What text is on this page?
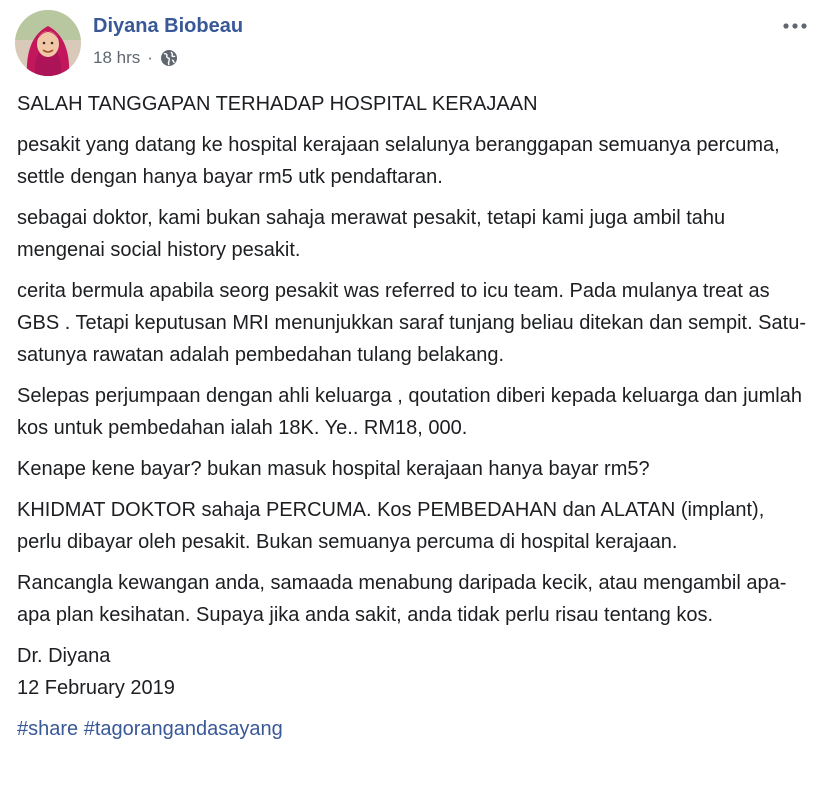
Diyana Biobeau
18 hrs ·

SALAH TANGGAPAN TERHADAP HOSPITAL KERAJAAN

pesakit yang datang ke hospital kerajaan selalunya beranggapan semuanya percuma, settle dengan hanya bayar rm5 utk pendaftaran.

sebagai doktor, kami bukan sahaja merawat pesakit, tetapi kami juga ambil tahu mengenai social history pesakit.

cerita bermula apabila seorg pesakit was referred to icu team. Pada mulanya treat as GBS . Tetapi keputusan MRI menunjukkan saraf tunjang beliau ditekan dan sempit. Satu-satunya rawatan adalah pembedahan tulang belakang.

Selepas perjumpaan dengan ahli keluarga , qoutation diberi kepada keluarga dan jumlah kos untuk pembedahan ialah 18K. Ye.. RM18, 000.

Kenape kene bayar? bukan masuk hospital kerajaan hanya bayar rm5?

KHIDMAT DOKTOR sahaja PERCUMA. Kos PEMBEDAHAN dan ALATAN (implant), perlu dibayar oleh pesakit. Bukan semuanya percuma di hospital kerajaan.

Rancangla kewangan anda, samaada menabung daripada kecik, atau mengambil apa-apa plan kesihatan. Supaya jika anda sakit, anda tidak perlu risau tentang kos.

Dr. Diyana

12 February 2019

#share #tagorangandasayang
